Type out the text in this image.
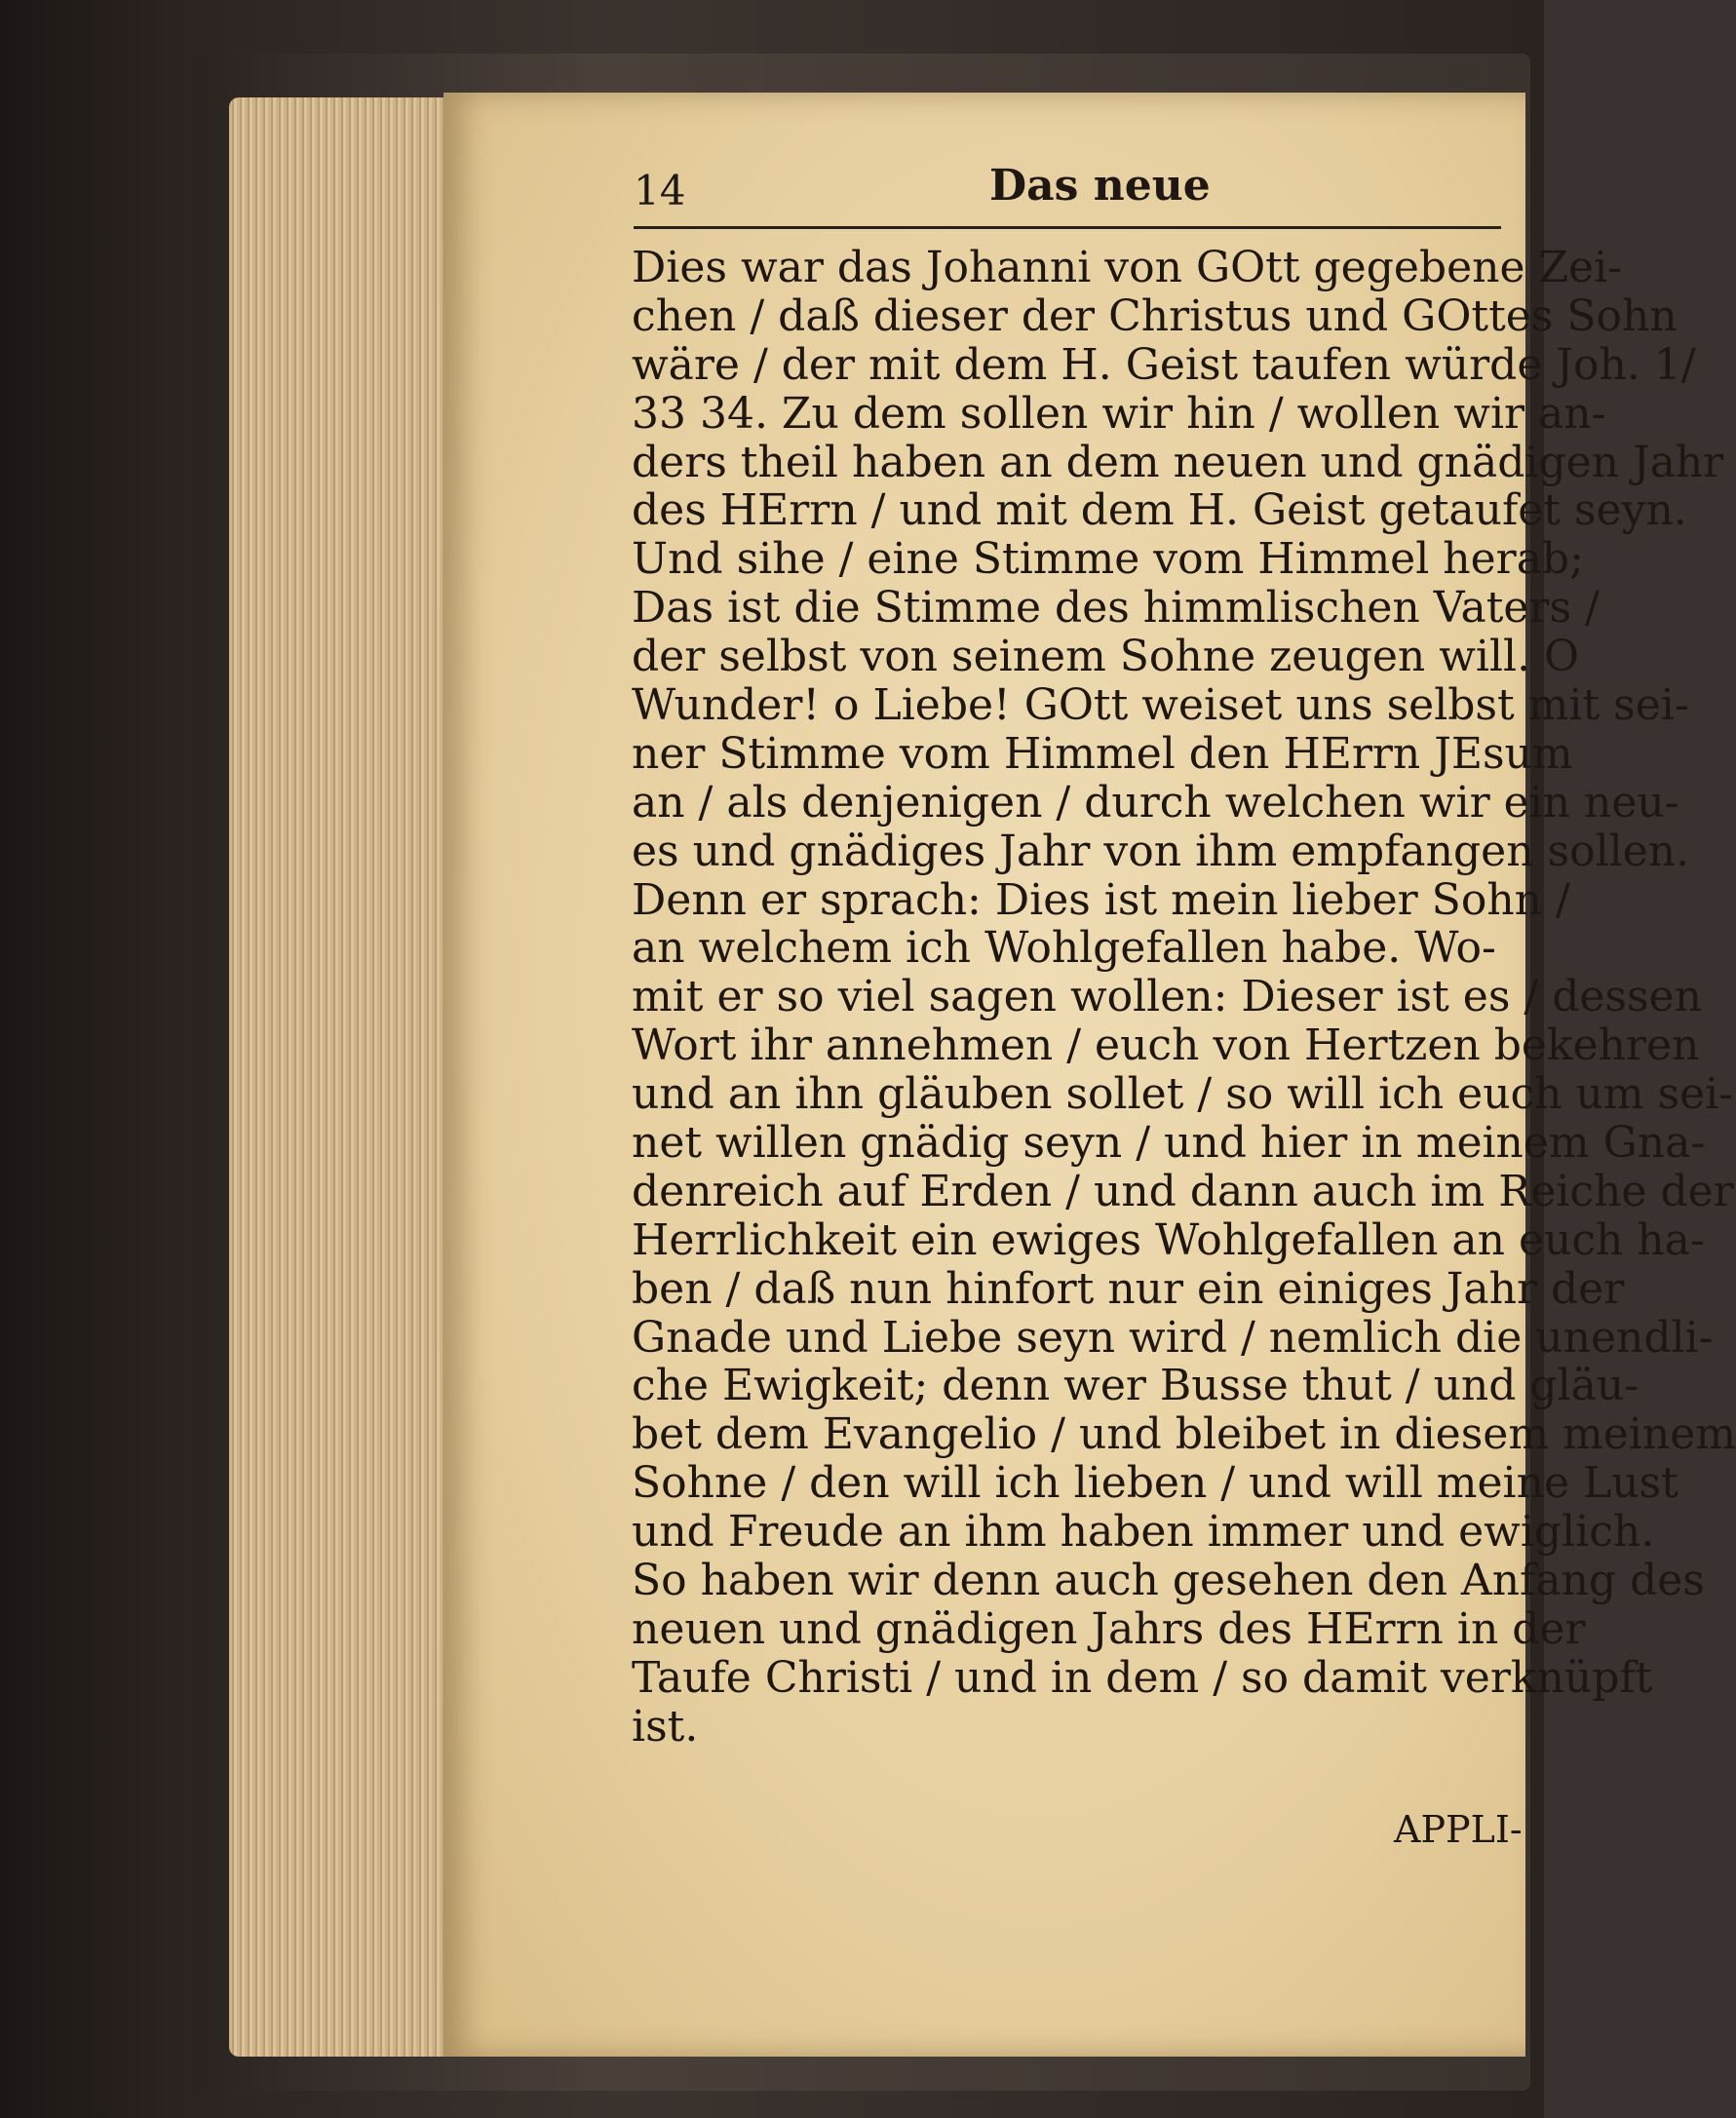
14	Das neue
Dies war das Johanni von GOtt gegebene Zei-
chen / daß dieser der Christus und GOttes Sohn
wäre / der mit dem H. Geist taufen würde Joh. 1/
33 34. Zu dem sollen wir hin / wollen wir an-
ders theil haben an dem neuen und gnädigen Jahr
des HErrn / und mit dem H. Geist getaufet seyn.
Und sihe / eine Stimme vom Himmel herab;
Das ist die Stimme des himmlischen Vaters /
der selbst von seinem Sohne zeugen will. O
Wunder! o Liebe! GOtt weiset uns selbst mit sei-
ner Stimme vom Himmel den HErrn JEsum
an / als denjenigen / durch welchen wir ein neu-
es und gnädiges Jahr von ihm empfangen sollen.
Denn er sprach: Dies ist mein lieber Sohn /
an welchem ich Wohlgefallen habe. Wo-
mit er so viel sagen wollen: Dieser ist es / dessen
Wort ihr annehmen / euch von Hertzen bekehren
und an ihn gläuben sollet / so will ich euch um sei-
net willen gnädig seyn / und hier in meinem Gna-
denreich auf Erden / und dann auch im Reiche der
Herrlichkeit ein ewiges Wohlgefallen an euch ha-
ben / daß nun hinfort nur ein einiges Jahr der
Gnade und Liebe seyn wird / nemlich die unendli-
che Ewigkeit; denn wer Busse thut / und gläu-
bet dem Evangelio / und bleibet in diesem meinem
Sohne / den will ich lieben / und will meine Lust
und Freude an ihm haben immer und ewiglich.
So haben wir denn auch gesehen den Anfang des
neuen und gnädigen Jahrs des HErrn in der
Taufe Christi / und in dem / so damit verknüpft
ist.
APPLI-
